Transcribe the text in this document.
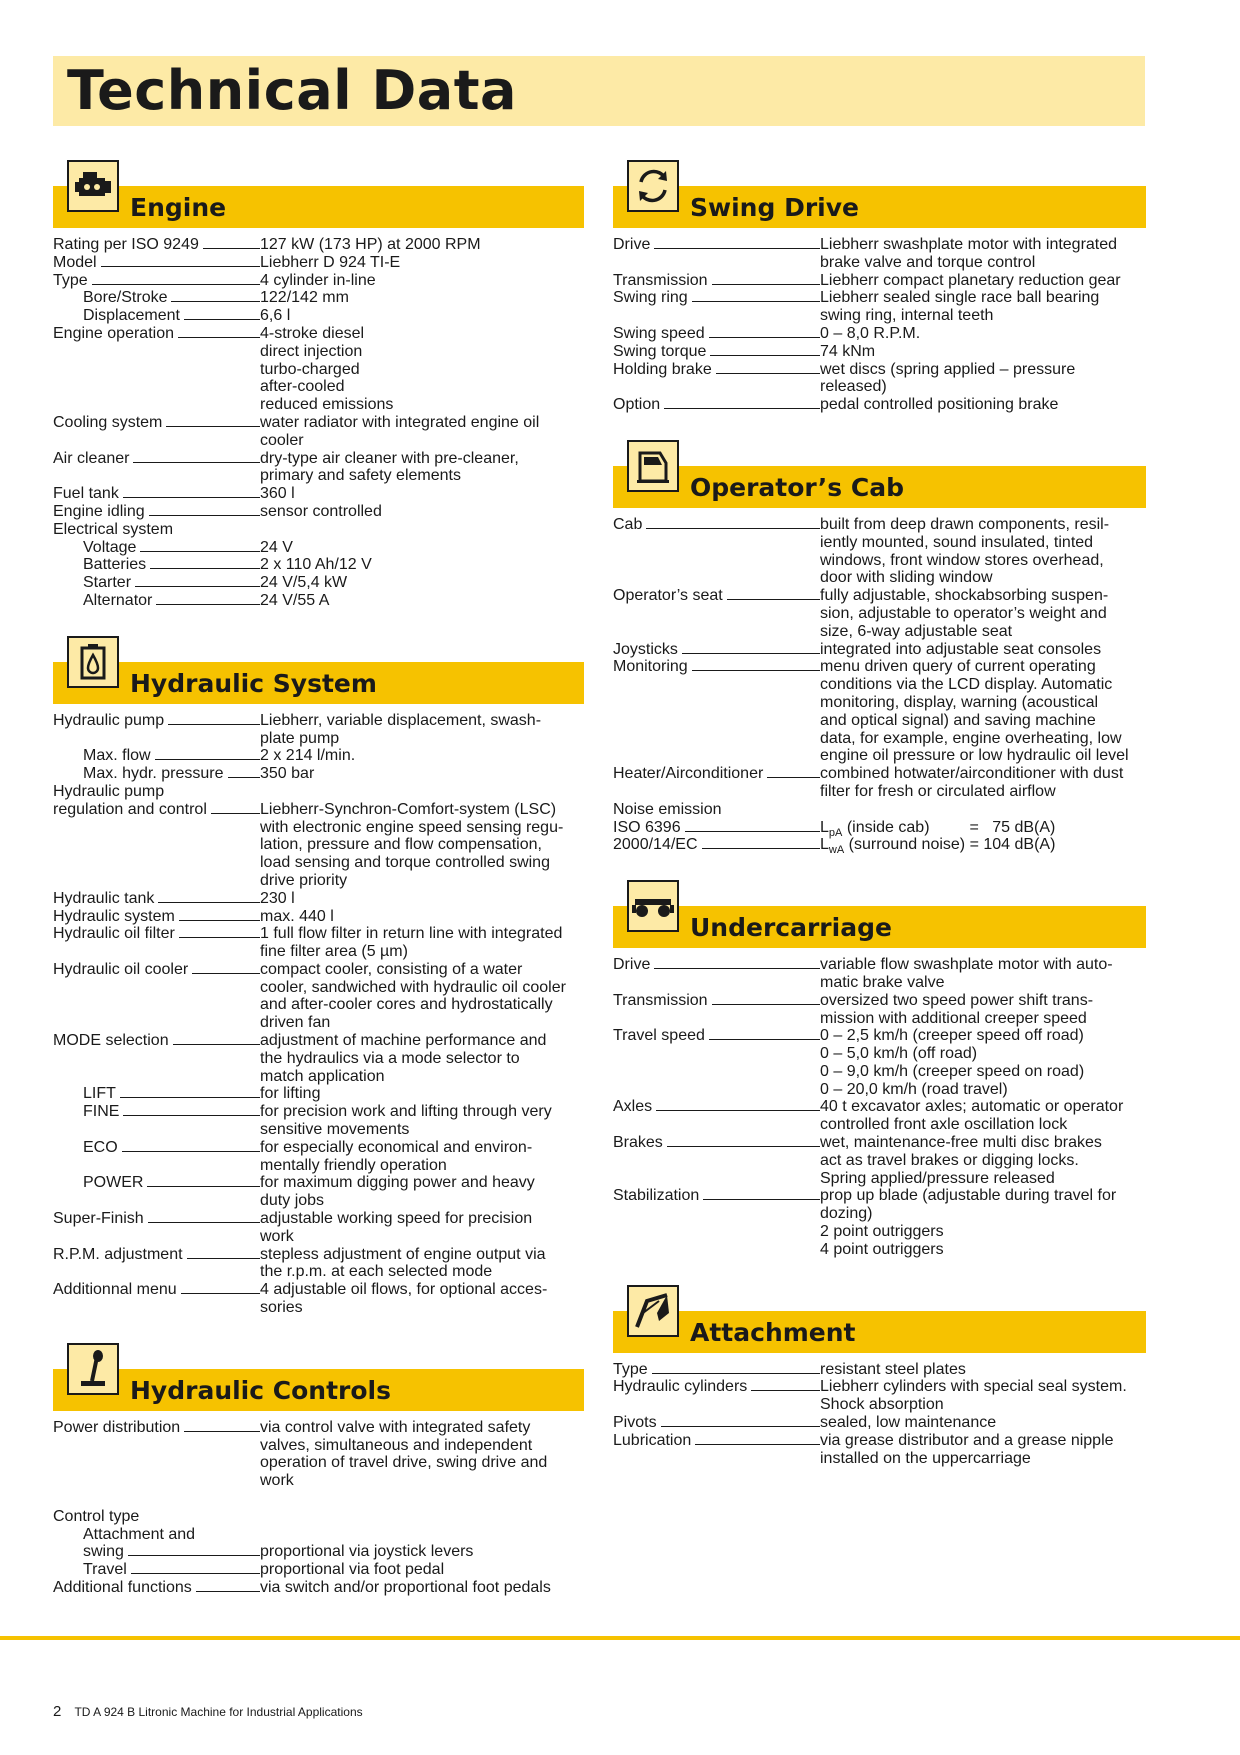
Technical Data
Engine
Rating per ISO 9249	127 kW (173 HP) at 2000 RPM
Model	Liebherr D 924 TI-E
Type	4 cylinder in-line
Bore/Stroke	122/142 mm
Displacement	6,6 l
Engine operation	4-stroke diesel
direct injection
turbo-charged
after-cooled
reduced emissions
Cooling system	water radiator with integrated engine oil
cooler
Air cleaner	dry-type air cleaner with pre-cleaner,
primary and safety elements
Fuel tank	360 l
Engine idling	sensor controlled
Electrical system
Voltage	24 V
Batteries	2 x 110 Ah/12 V
Starter	24 V/5,4 kW
Alternator	24 V/55 A
Hydraulic System
Hydraulic pump	Liebherr, variable displacement, swash-
plate pump
Max. flow	2 x 214 l/min.
Max. hydr. pressure 350 bar
Hydraulic pump
regulation and control	Liebherr-Synchron-Comfort-system (LSC)
with electronic engine speed sensing regu-
lation, pressure and flow compensation,
load sensing and torque controlled swing
drive priority
Hydraulic tank	230 l
Hydraulic system	max. 440 l
Hydraulic oil filter	1 full flow filter in return line with integrated
fine filter area (5 µm)
Hydraulic oil cooler	compact cooler, consisting of a water
cooler, sandwiched with hydraulic oil cooler
and after-cooler cores and hydrostatically
driven fan
MODE selection	adjustment of machine performance and
the hydraulics via a mode selector to
match application
LIFT	for lifting
FINE	for precision work and lifting through very
sensitive movements
ECO	for especially economical and environ-
mentally friendly operation
POWER	for maximum digging power and heavy
duty jobs
Super-Finish	adjustable working speed for precision
work
R.P.M. adjustment	stepless adjustment of engine output via
the r.p.m. at each selected mode
Additionnal menu	4 adjustable oil flows, for optional acces-
sories
Hydraulic Controls
Power distribution	via control valve with integrated safety
valves, simultaneous and independent
operation of travel drive, swing drive and
work
Control type
Attachment and
swing	proportional via joystick levers
Travel	proportional via foot pedal
Additional functions	via switch and/or proportional foot pedals
Swing Drive
Drive	Liebherr swashplate motor with integrated
brake valve and torque control
Transmission	Liebherr compact planetary reduction gear
Swing ring	Liebherr sealed single race ball bearing
swing ring, internal teeth
Swing speed	0 – 8,0 R.P.M.
Swing torque	74 kNm
Holding brake	wet discs (spring applied – pressure
released)
Option	pedal controlled positioning brake
Operator’s Cab
Cab	built from deep drawn components, resil-
iently mounted, sound insulated, tinted
windows, front window stores overhead,
door with sliding window
Operator’s seat	fully adjustable, shockabsorbing suspen-
sion, adjustable to operator’s weight and
size, 6-way adjustable seat
Joysticks	integrated into adjustable seat consoles
Monitoring	menu driven query of current operating
conditions via the LCD display. Automatic
monitoring, display, warning (acoustical
and optical signal) and saving machine
data, for example, engine overheating, low
engine oil pressure or low hydraulic oil level
Heater/Airconditioner	combined hotwater/airconditioner with dust
filter for fresh or circulated airflow
Noise emission
ISO 6396	$L_{pA}$ (inside cab)         =   75 dB(A)
2000/14/EC	$L_{wA}$ (surround noise) = 104 dB(A)
Undercarriage
Drive	variable flow swashplate motor with auto-
matic brake valve
Transmission	oversized two speed power shift trans-
mission with additional creeper speed
Travel speed	0 – 2,5 km/h (creeper speed off road)
0 – 5,0 km/h (off road)
0 – 9,0 km/h (creeper speed on road)
0 – 20,0 km/h (road travel)
Axles	40 t excavator axles; automatic or operator
controlled front axle oscillation lock
Brakes	wet, maintenance-free multi disc brakes
act as travel brakes or digging locks.
Spring applied/pressure released
Stabilization	prop up blade (adjustable during travel for
dozing)
2 point outriggers
4 point outriggers
Attachment
Type	resistant steel plates
Hydraulic cylinders	Liebherr cylinders with special seal system.
Shock absorption
Pivots	sealed, low maintenance
Lubrication	via grease distributor and a grease nipple
installed on the uppercarriage
2 TD A 924 B Litronic Machine for Industrial Applications
